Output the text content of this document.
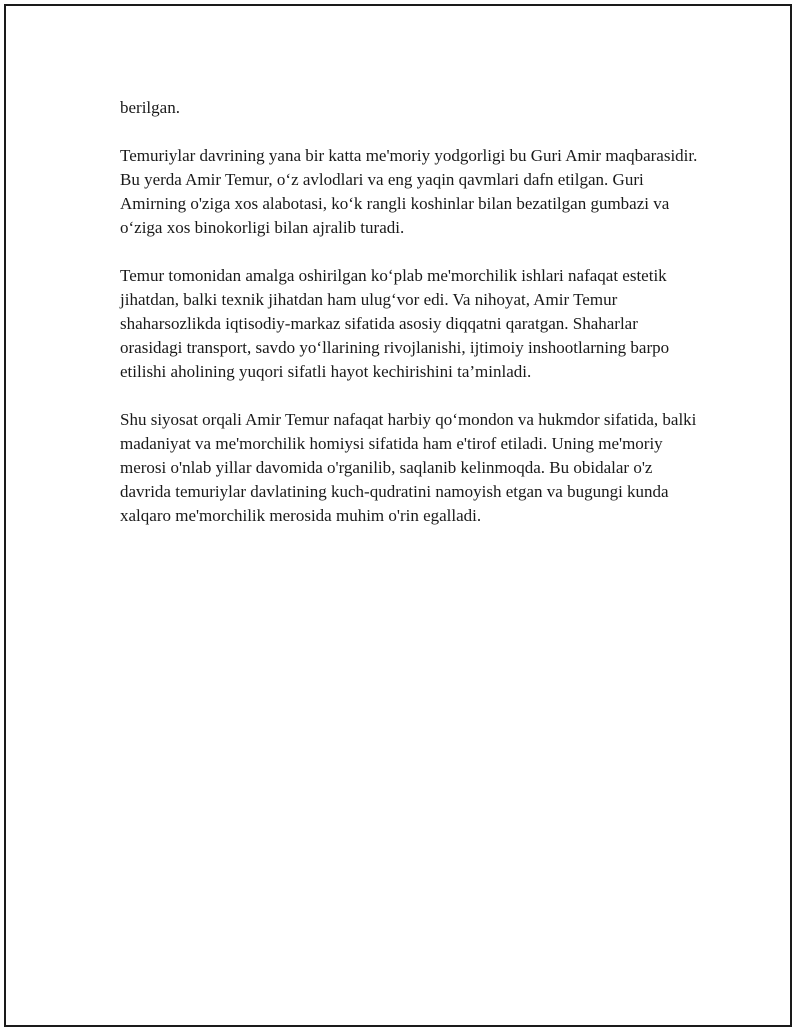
berilgan.

Temuriylar davrining yana bir katta me'moriy yodgorligi bu Guri Amir maqbarasidir. Bu yerda Amir Temur, o‘z avlodlari va eng yaqin qavmlari dafn etilgan. Guri Amirning o'ziga xos alabotasi, ko‘k rangli koshinlar bilan bezatilgan gumbazi va o‘ziga xos binokorligi bilan ajralib turadi.

Temur tomonidan amalga oshirilgan ko‘plab me'morchilik ishlari nafaqat estetik jihatdan, balki texnik jihatdan ham ulug‘vor edi. Va nihoyat, Amir Temur shaharsozlikda iqtisodiy-markaz sifatida asosiy diqqatni qaratgan. Shaharlar orasidagi transport, savdo yo‘llarining rivojlanishi, ijtimoiy inshootlarning barpo etilishi aholining yuqori sifatli hayot kechirishini ta’minladi.

Shu siyosat orqali Amir Temur nafaqat harbiy qo‘mondon va hukmdor sifatida, balki madaniyat va me'morchilik homiysi sifatida ham e'tirof etiladi. Uning me'moriy merosi o'nlab yillar davomida o'rganilib, saqlanib kelinmoqda. Bu obidalar o'z davrida temuriylar davlatining kuch-qudratini namoyish etgan va bugungi kunda xalqaro me'morchilik merosida muhim o'rin egalladi.
